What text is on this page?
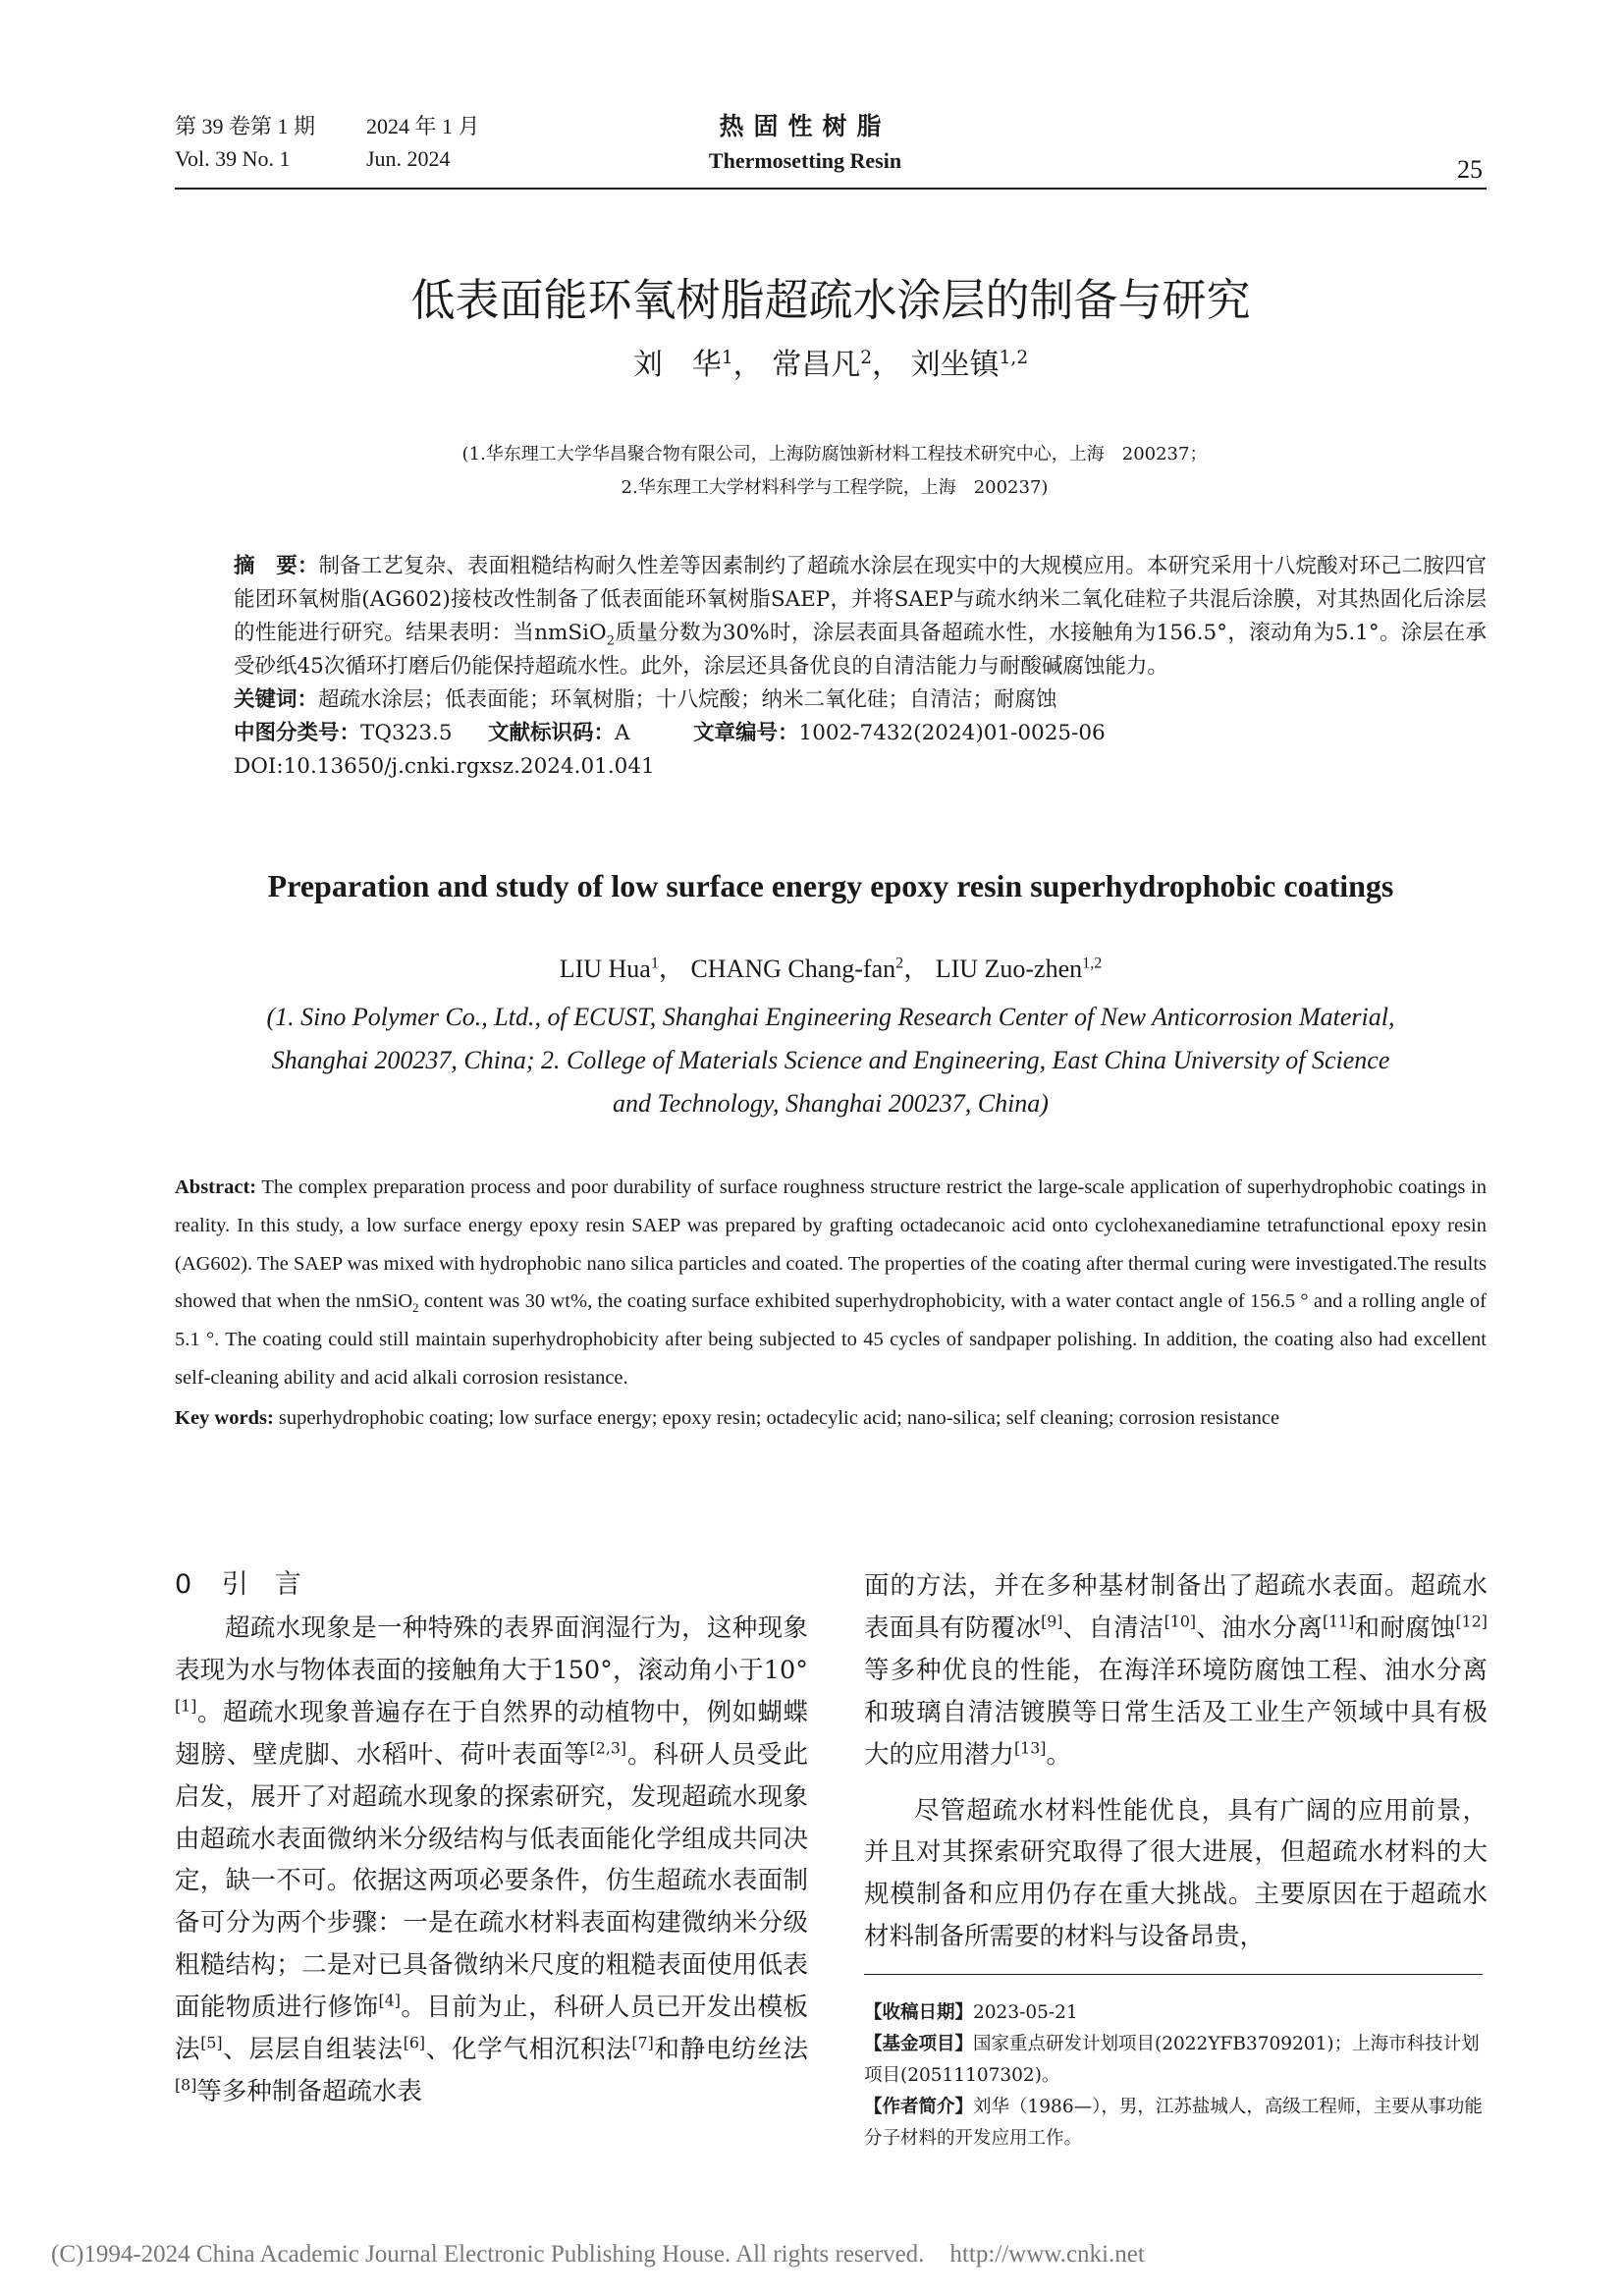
第 39 卷第 1 期 2024 年 1 月
Vol. 39 No. 1	Jun. 2024
热固性树脂
Thermosetting Resin	25
低表面能环氧树脂超疏水涂层的制备与研究
刘　华$^1$， 常昌凡$^2$， 刘坐镇$^{1,2}$
(1.华东理工大学华昌聚合物有限公司，上海防腐蚀新材料工程技术研究中心，上海　200237；
2.华东理工大学材料科学与工程学院，上海　200237)
摘　要：制备工艺复杂、表面粗糙结构耐久性差等因素制约了超疏水涂层在现实中的大规模应用。本研究采用十八烷酸对环己二胺四官能团环氧树脂(AG602)接枝改性制备了低表面能环氧树脂SAEP，并将SAEP与疏水纳米二氧化硅粒子共混后涂膜，对其热固化后涂层的性能进行研究。结果表明：当nmSiO$_2$质量分数为30%时，涂层表面具备超疏水性，水接触角为156.5°，滚动角为5.1°。涂层在承受砂纸45次循环打磨后仍能保持超疏水性。此外，涂层还具备优良的自清洁能力与耐酸碱腐蚀能力。
关键词：超疏水涂层；低表面能；环氧树脂；十八烷酸；纳米二氧化硅；自清洁；耐腐蚀
中图分类号：TQ323.5 文献标识码：A	文章编号：1002-7432(2024)01-0025-06
DOI:10.13650/j.cnki.rgxsz.2024.01.041
Preparation and study of low surface energy epoxy resin superhydrophobic coatings
LIU Hua$^1$， CHANG Chang-fan$^2$， LIU Zuo-zhen$^{1,2}$
(1. Sino Polymer Co., Ltd., of ECUST, Shanghai Engineering Research Center of New Anticorrosion Material,
Shanghai 200237, China; 2. College of Materials Science and Engineering, East China University of Science
and Technology, Shanghai 200237, China)
Abstract: The complex preparation process and poor durability of surface roughness structure restrict the large-scale application of superhydrophobic coatings in reality. In this study, a low surface energy epoxy resin SAEP was prepared by grafting octadecanoic acid onto cyclohexanediamine tetrafunctional epoxy resin (AG602). The SAEP was mixed with hydrophobic nano silica particles and coated. The properties of the coating after thermal curing were investigated.The results showed that when the nmSiO$_2$ content was 30 wt%, the coating surface exhibited superhydrophobicity, with a water contact angle of 156.5 ° and a rolling angle of 5.1 °. The coating could still maintain superhydrophobicity after being subjected to 45 cycles of sandpaper polishing. In addition, the coating also had excellent self-cleaning ability and acid alkali corrosion resistance.
Key words: superhydrophobic coating; low surface energy; epoxy resin; octadecylic acid; nano-silica; self cleaning; corrosion resistance
0 引　言

超疏水现象是一种特殊的表界面润湿行为，这种现象表现为水与物体表面的接触角大于150°，滚动角小于10°[1]。超疏水现象普遍存在于自然界的动植物中，例如蝴蝶翅膀、壁虎脚、水稻叶、荷叶表面等[2,3]。科研人员受此启发，展开了对超疏水现象的探索研究，发现超疏水现象由超疏水表面微纳米分级结构与低表面能化学组成共同决定，缺一不可。依据这两项必要条件，仿生超疏水表面制备可分为两个步骤：一是在疏水材料表面构建微纳米分级粗糙结构；二是对已具备微纳米尺度的粗糙表面使用低表面能物质进行修饰[4]。目前为止，科研人员已开发出模板法[5]、层层自组装法[6]、化学气相沉积法[7]和静电纺丝法[8]等多种制备超疏水表

面的方法，并在多种基材制备出了超疏水表面。超疏水表面具有防覆冰[9]、自清洁[10]、油水分离[11]和耐腐蚀[12]等多种优良的性能，在海洋环境防腐蚀工程、油水分离和玻璃自清洁镀膜等日常生活及工业生产领域中具有极大的应用潜力[13]。

尽管超疏水材料性能优良，具有广阔的应用前景，并且对其探索研究取得了很大进展，但超疏水材料的大规模制备和应用仍存在重大挑战。主要原因在于超疏水材料制备所需要的材料与设备昂贵，

【收稿日期】2023-05-21
【基金项目】国家重点研发计划项目(2022YFB3709201)；上海市科技计划项目(20511107302)。
【作者简介】刘华（1986—），男，江苏盐城人，高级工程师，主要从事功能分子材料的开发应用工作。
(C)1994-2024 China Academic Journal Electronic Publishing House. All rights reserved. http://www.cnki.net
